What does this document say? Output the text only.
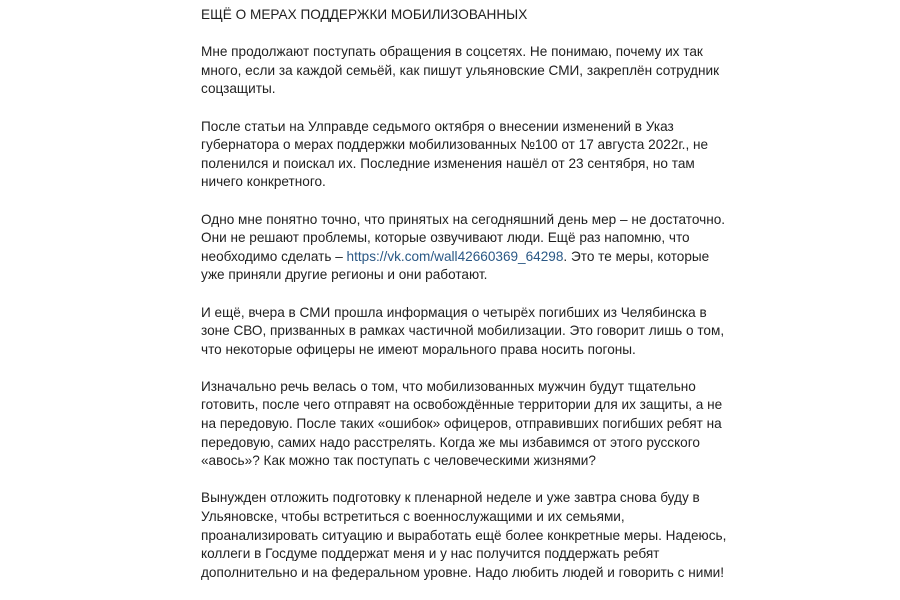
ЕЩЁ О МЕРАХ ПОДДЕРЖКИ МОБИЛИЗОВАННЫХ

Мне продолжают поступать обращения в соцсетях. Не понимаю, почему их так
много, если за каждой семьёй, как пишут ульяновские СМИ, закреплён сотрудник
соцзащиты.

После статьи на Улправде седьмого октября о внесении изменений в Указ
губернатора о мерах поддержки мобилизованных №100 от 17 августа 2022г., не
поленился и поискал их. Последние изменения нашёл от 23 сентября, но там
ничего конкретного.

Одно мне понятно точно, что принятых на сегодняшний день мер – не достаточно.
Они не решают проблемы, которые озвучивают люди. Ещё раз напомню, что
необходимо сделать – https://vk.com/wall42660369_64298. Это те меры, которые
уже приняли другие регионы и они работают.

И ещё, вчера в СМИ прошла информация о четырёх погибших из Челябинска в
зоне СВО, призванных в рамках частичной мобилизации. Это говорит лишь о том,
что некоторые офицеры не имеют морального права носить погоны.

Изначально речь велась о том, что мобилизованных мужчин будут тщательно
готовить, после чего отправят на освобождённые территории для их защиты, а не
на передовую. После таких «ошибок» офицеров, отправивших погибших ребят на
передовую, самих надо расстрелять. Когда же мы избавимся от этого русского
«авось»? Как можно так поступать с человеческими жизнями?

Вынужден отложить подготовку к пленарной неделе и уже завтра снова буду в
Ульяновске, чтобы встретиться с военнослужащими и их семьями,
проанализировать ситуацию и выработать ещё более конкретные меры. Надеюсь,
коллеги в Госдуме поддержат меня и у нас получится поддержать ребят
дополнительно и на федеральном уровне. Надо любить людей и говорить с ними!
